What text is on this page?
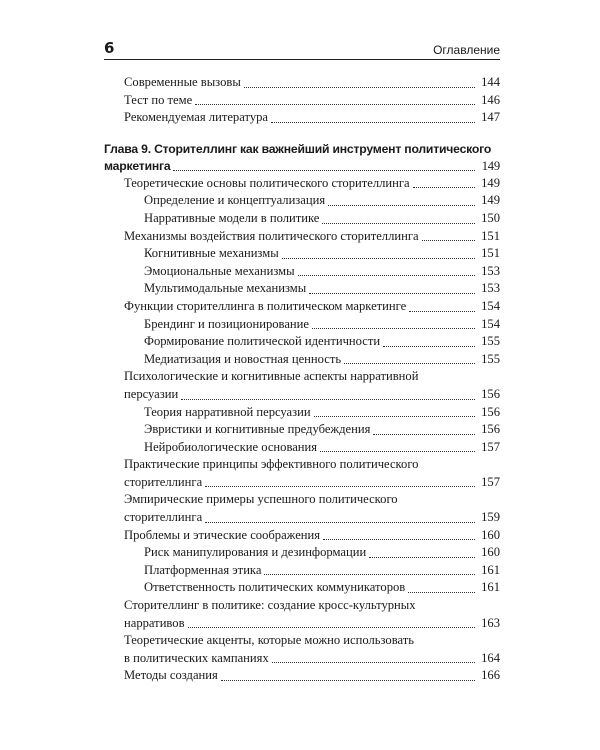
6	Оглавление
Современные вызовы	144
Тест по теме	146
Рекомендуемая литература	147
Глава 9. Сторителлинг как важнейший инструмент политического
маркетинга	149
Теоретические основы политического сторителлинга	149
Определение и концептуализация	149
Нарративные модели в политике	150
Механизмы воздействия политического сторителлинга	151
Когнитивные механизмы	151
Эмоциональные механизмы	153
Мультимодальные механизмы	153
Функции сторителлинга в политическом маркетинге	154
Брендинг и позиционирование	154
Формирование политической идентичности	155
Медиатизация и новостная ценность	155
Психологические и когнитивные аспекты нарративной
персуазии	156
Теория нарративной персуазии	156
Эвристики и когнитивные предубеждения	156
Нейробиологические основания	157
Практические принципы эффективного политического
сторителлинга	157
Эмпирические примеры успешного политического
сторителлинга	159
Проблемы и этические соображения	160
Риск манипулирования и дезинформации	160
Платформенная этика	161
Ответственность политических коммуникаторов	161
Сторителлинг в политике: создание кросс-культурных
нарративов	163
Теоретические акценты, которые можно использовать
в политических кампаниях	164
Методы создания	166
